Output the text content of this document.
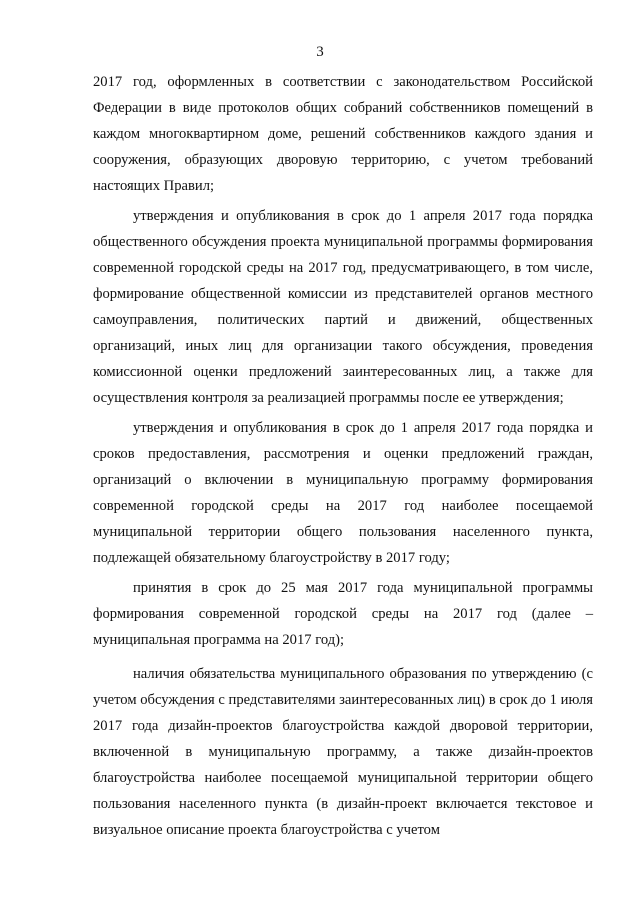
3

2017 год, оформленных в соответствии с законодательством Российской Федерации в виде протоколов общих собраний собственников помещений в каждом многоквартирном доме, решений собственников каждого здания и сооружения, образующих дворовую территорию, с учетом требований настоящих Правил;

утверждения и опубликования в срок до 1 апреля 2017 года порядка общественного обсуждения проекта муниципальной программы формирования современной городской среды на 2017 год, предусматривающего, в том числе, формирование общественной комиссии из представителей органов местного самоуправления, политических партий и движений, общественных организаций, иных лиц для организации такого обсуждения, проведения комиссионной оценки предложений заинтересованных лиц, а также для осуществления контроля за реализацией программы после ее утверждения;

утверждения и опубликования в срок до 1 апреля 2017 года порядка и сроков предоставления, рассмотрения и оценки предложений граждан, организаций о включении в муниципальную программу формирования современной городской среды на 2017 год наиболее посещаемой муниципальной территории общего пользования населенного пункта, подлежащей обязательному благоустройству в 2017 году;

принятия в срок до 25 мая 2017 года муниципальной программы формирования современной городской среды на 2017 год (далее – муниципальная программа на 2017 год);

наличия обязательства муниципального образования по утверждению (с учетом обсуждения с представителями заинтересованных лиц) в срок до 1 июля 2017 года дизайн-проектов благоустройства каждой дворовой территории, включенной в муниципальную программу, а также дизайн-проектов благоустройства наиболее посещаемой муниципальной территории общего пользования населенного пункта (в дизайн-проект включается текстовое и визуальное описание проекта благоустройства с учетом
